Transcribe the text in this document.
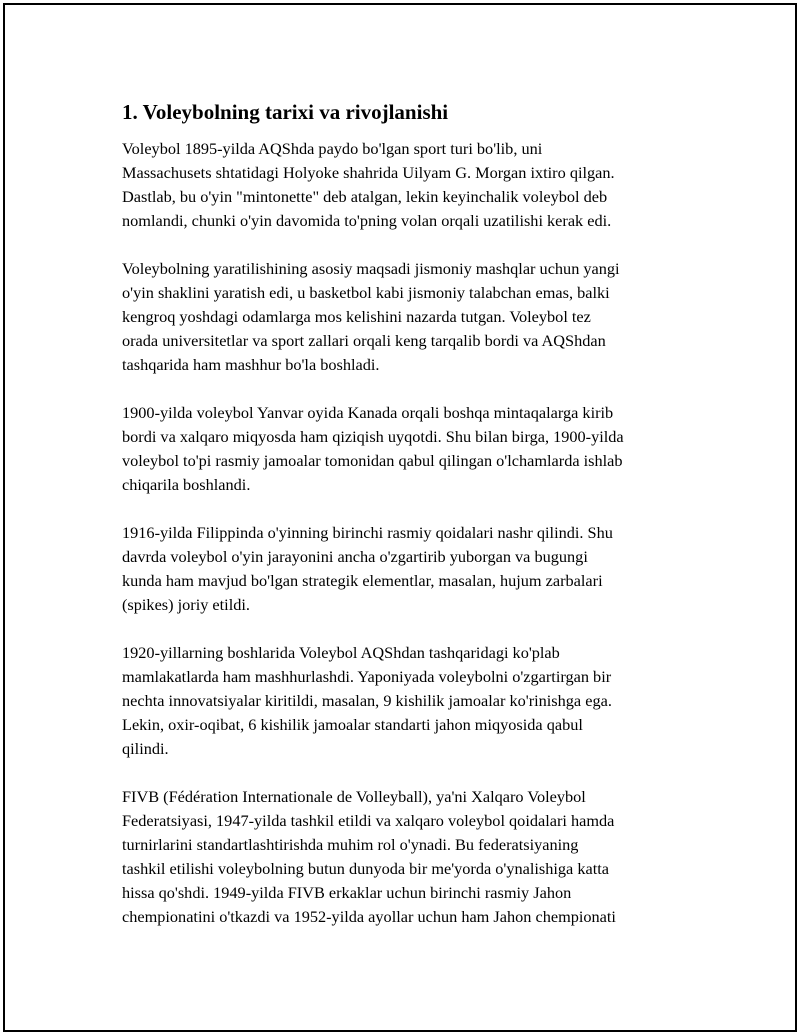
1. Voleybolning tarixi va rivojlanishi

Voleybol 1895-yilda AQShda paydo bo'lgan sport turi bo'lib, uni
Massachusets shtatidagi Holyoke shahrida Uilyam G. Morgan ixtiro qilgan.
Dastlab, bu o'yin "mintonette" deb atalgan, lekin keyinchalik voleybol deb
nomlandi, chunki o'yin davomida to'pning volan orqali uzatilishi kerak edi.

Voleybolning yaratilishining asosiy maqsadi jismoniy mashqlar uchun yangi
o'yin shaklini yaratish edi, u basketbol kabi jismoniy talabchan emas, balki
kengroq yoshdagi odamlarga mos kelishini nazarda tutgan. Voleybol tez
orada universitetlar va sport zallari orqali keng tarqalib bordi va AQShdan
tashqarida ham mashhur bo'la boshladi.

1900-yilda voleybol Yanvar oyida Kanada orqali boshqa mintaqalarga kirib
bordi va xalqaro miqyosda ham qiziqish uyqotdi. Shu bilan birga, 1900-yilda
voleybol to'pi rasmiy jamoalar tomonidan qabul qilingan o'lchamlarda ishlab
chiqarila boshlandi.

1916-yilda Filippinda o'yinning birinchi rasmiy qoidalari nashr qilindi. Shu
davrda voleybol o'yin jarayonini ancha o'zgartirib yuborgan va bugungi
kunda ham mavjud bo'lgan strategik elementlar, masalan, hujum zarbalari
(spikes) joriy etildi.

1920-yillarning boshlarida Voleybol AQShdan tashqaridagi ko'plab
mamlakatlarda ham mashhurlashdi. Yaponiyada voleybolni o'zgartirgan bir
nechta innovatsiyalar kiritildi, masalan, 9 kishilik jamoalar ko'rinishga ega.
Lekin, oxir-oqibat, 6 kishilik jamoalar standarti jahon miqyosida qabul
qilindi.

FIVB (Fédération Internationale de Volleyball), ya'ni Xalqaro Voleybol
Federatsiyasi, 1947-yilda tashkil etildi va xalqaro voleybol qoidalari hamda
turnirlarini standartlashtirishda muhim rol o'ynadi. Bu federatsiyaning
tashkil etilishi voleybolning butun dunyoda bir me'yorda o'ynalishiga katta
hissa qo'shdi. 1949-yilda FIVB erkaklar uchun birinchi rasmiy Jahon
chempionatini o'tkazdi va 1952-yilda ayollar uchun ham Jahon chempionati
